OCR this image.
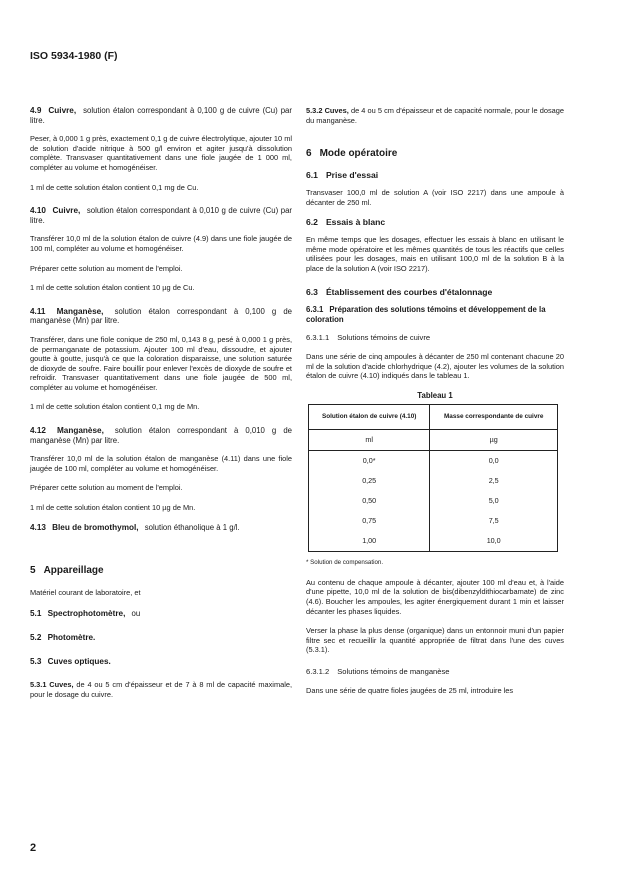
ISO 5934-1980 (F)

4.9 Cuivre, solution étalon correspondant à 0,100 g de cuivre (Cu) par litre.

Peser, à 0,000 1 g près, exactement 0,1 g de cuivre électrolytique, ajouter 10 ml de solution d'acide nitrique à 500 g/l environ et agiter jusqu'à dissolution complète. Transvaser quantitativement dans une fiole jaugée de 1 000 ml, compléter au volume et homogénéiser.

1 ml de cette solution étalon contient 0,1 mg de Cu.

4.10 Cuivre, solution étalon correspondant à 0,010 g de cuivre (Cu) par litre.

Transférer 10,0 ml de la solution étalon de cuivre (4.9) dans une fiole jaugée de 100 ml, compléter au volume et homogénéiser.

Préparer cette solution au moment de l'emploi.

1 ml de cette solution étalon contient 10 µg de Cu.

4.11 Manganèse, solution étalon correspondant à 0,100 g de manganèse (Mn) par litre.

Transférer, dans une fiole conique de 250 ml, 0,143 8 g, pesé à 0,000 1 g près, de permanganate de potassium. Ajouter 100 ml d'eau, dissoudre, et ajouter goutte à goutte, jusqu'à ce que la coloration disparaisse, une solution saturée de dioxyde de soufre. Faire bouillir pour enlever l'excès de dioxyde de soufre et refroidir. Transvaser quantitativement dans une fiole jaugée de 500 ml, compléter au volume et homogénéiser.

1 ml de cette solution étalon contient 0,1 mg de Mn.

4.12 Manganèse, solution étalon correspondant à 0,010 g de manganèse (Mn) par litre.

Transférer 10,0 ml de la solution étalon de manganèse (4.11) dans une fiole jaugée de 100 ml, compléter au volume et homogénéiser.

Préparer cette solution au moment de l'emploi.

1 ml de cette solution étalon contient 10 µg de Mn.

4.13 Bleu de bromothymol, solution éthanolique à 1 g/l.

5 Appareillage

Matériel courant de laboratoire, et

5.1 Spectrophotomètre, ou

5.2 Photomètre.

5.3 Cuves optiques.

5.3.1 Cuves, de 4 ou 5 cm d'épaisseur et de 7 à 8 ml de capacité maximale, pour le dosage du cuivre.

5.3.2 Cuves, de 4 ou 5 cm d'épaisseur et de capacité normale, pour le dosage du manganèse.

6 Mode opératoire
6.1 Prise d'essai

Transvaser 100,0 ml de solution A (voir ISO 2217) dans une ampoule à décanter de 250 ml.

6.2 Essais à blanc

En même temps que les dosages, effectuer les essais à blanc en utilisant le même mode opératoire et les mêmes quantités de tous les réactifs que celles utilisées pour les dosages, mais en utilisant 100,0 ml de la solution B à la place de la solution A (voir ISO 2217).

6.3 Établissement des courbes d'étalonnage
6.3.1 Préparation des solutions témoins et développement de la coloration
6.3.1.1 Solutions témoins de cuivre

Dans une série de cinq ampoules à décanter de 250 ml contenant chacune 20 ml de la solution d'acide chlorhydrique (4.2), ajouter les volumes de la solution étalon de cuivre (4.10) indiqués dans le tableau 1.

Tableau 1
Solution étalon de cuivre (4.10)	Masse correspondante de cuivre
ml	µg
0,0*	0,0
0,25	2,5
0,50	5,0
0,75	7,5
1,00	10,0
* Solution de compensation.

Au contenu de chaque ampoule à décanter, ajouter 100 ml d'eau et, à l'aide d'une pipette, 10,0 ml de la solution de bis(dibenzyldithiocarbamate) de zinc (4.6). Boucher les ampoules, les agiter énergiquement durant 1 min et laisser décanter les phases liquides.

Verser la phase la plus dense (organique) dans un entonnoir muni d'un papier filtre sec et recueillir la quantité appropriée de filtrat dans l'une des cuves (5.3.1).

6.3.1.2 Solutions témoins de manganèse

Dans une série de quatre fioles jaugées de 25 ml, introduire les

2
